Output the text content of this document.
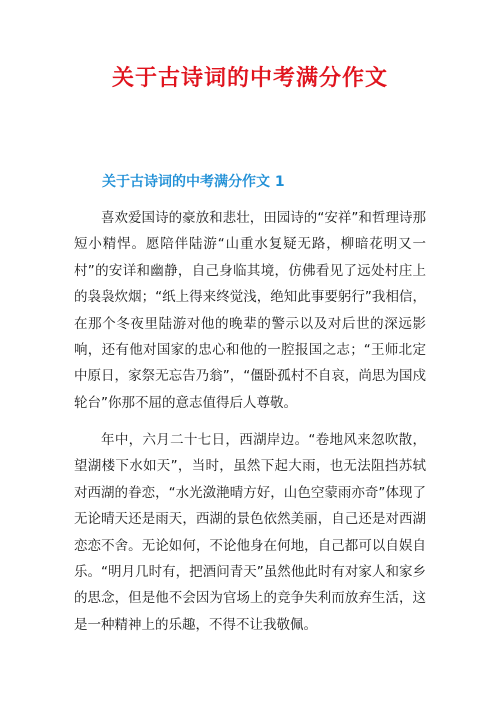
关于古诗词的中考满分作文
关于古诗词的中考满分作文 1

喜欢爱国诗的豪放和悲壮，田园诗的“安祥”和哲理诗那短小精悍。愿陪伴陆游“山重水复疑无路，柳暗花明又一村”的安详和幽静，自己身临其境，仿佛看见了远处村庄上的袅袅炊烟；“纸上得来终觉浅，绝知此事要躬行”我相信，在那个冬夜里陆游对他的晚辈的警示以及对后世的深远影响，还有他对国家的忠心和他的一腔报国之志；“王师北定中原日，家祭无忘告乃翁”，“僵卧孤村不自哀，尚思为国戍轮台”你那不屈的意志值得后人尊敬。

年中，六月二十七日，西湖岸边。“卷地风来忽吹散，望湖楼下水如天”，当时，虽然下起大雨，也无法阻挡苏轼对西湖的眷恋，“水光潋滟晴方好，山色空蒙雨亦奇”体现了无论晴天还是雨天，西湖的景色依然美丽，自己还是对西湖恋恋不舍。无论如何，不论他身在何地，自己都可以自娱自乐。“明月几时有，把酒问青天”虽然他此时有对家人和家乡的思念，但是他不会因为官场上的竞争失利而放弃生活，这是一种精神上的乐趣，不得不让我敬佩。
